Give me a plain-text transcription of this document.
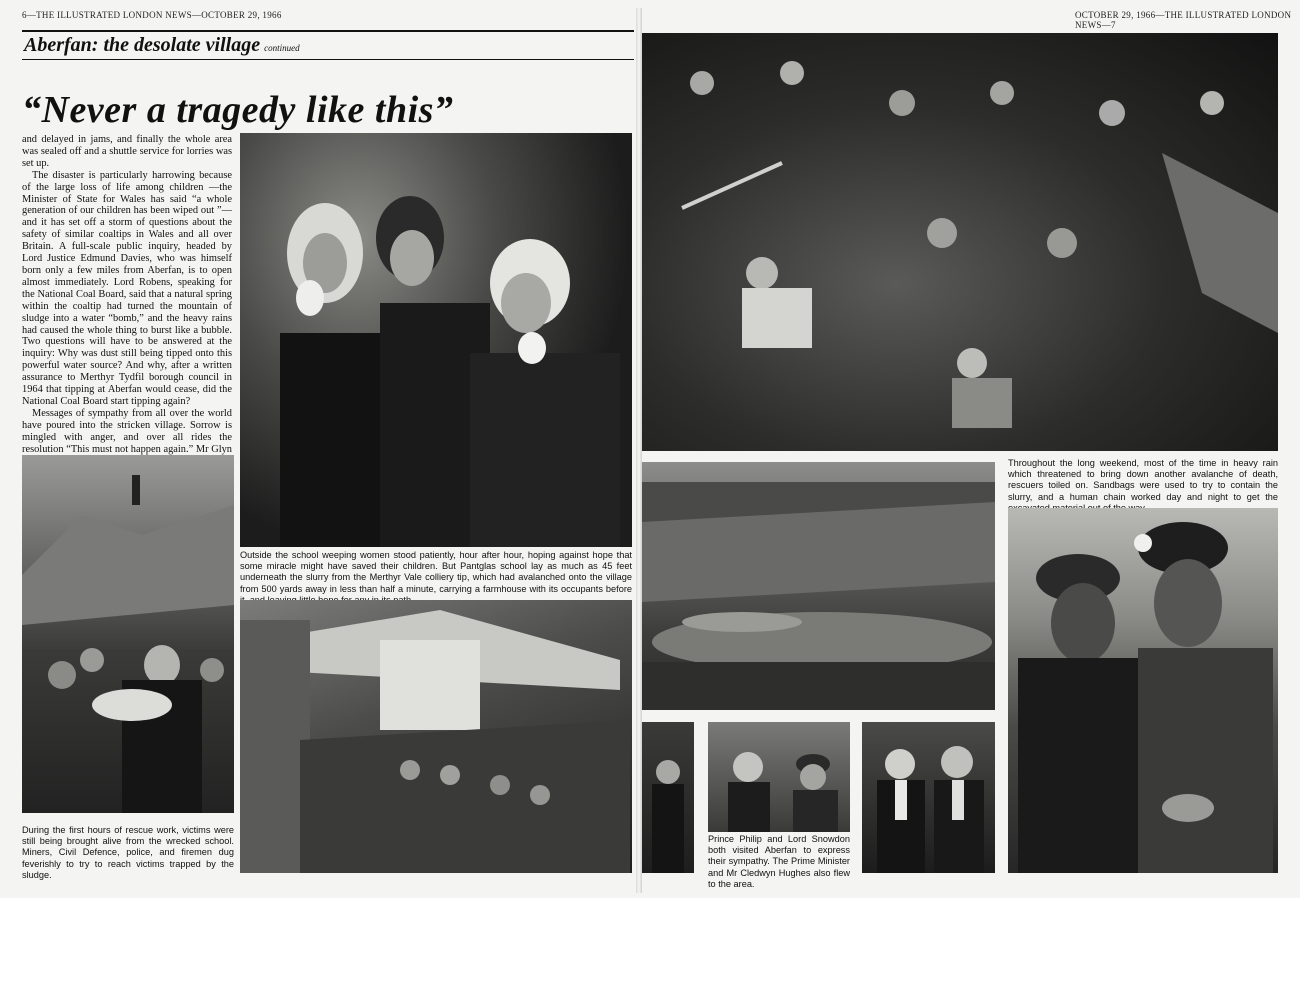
6—THE ILLUSTRATED LONDON NEWS—OCTOBER 29, 1966	OCTOBER 29, 1966—THE ILLUSTRATED LONDON NEWS—7
Aberfan: the desolate village continued
“Never a tragedy like this”

and delayed in jams, and finally the whole area was sealed off and a shuttle service for lorries was set up.

The disaster is particularly harrowing because of the large loss of life among children —the Minister of State for Wales has said “a whole generation of our children has been wiped out ”—and it has set off a storm of questions about the safety of similar coaltips in Wales and all over Britain. A full-scale public inquiry, headed by Lord Justice Edmund Davies, who was himself born only a few miles from Aberfan, is to open almost immediately. Lord Robens, speaking for the National Coal Board, said that a natural spring within the coaltip had turned the mountain of sludge into a water “bomb,” and the heavy rains had caused the whole thing to burst like a bubble. Two questions will have to be answered at the inquiry: Why was dust still being tipped onto this powerful water source? And why, after a written assurance to Merthyr Tydfil borough council in 1964 that tipping at Aberfan would cease, did the National Coal Board start tipping again?

Messages of sympathy from all over the world have poured into the stricken village. Sorrow is mingled with anger, and over all rides the resolution “This must not happen again.” Mr Glyn

Outside the school weeping women stood patiently, hour after hour, hoping against hope that some miracle might have saved their children. But Pantglas school lay as much as 45 feet underneath the slurry from the Merthyr Vale colliery tip, which had avalanched onto the village from 500 yards away in less than half a minute, carrying a farmhouse with its occupants before
During the first hours of rescue work, victims were still being brought alive from the wrecked school. Miners, Civil Defence, police, and firemen dug feverishly to try to reach victims trapped by the sludge.
Throughout the long weekend, most of the time in heavy rain which threatened to bring down another avalanche of death, rescuers toiled on. Sandbags were used to try to contain the slurry, and a human chain worked day and night to get the
Prince Philip and Lord Snowdon both visited Aberfan to express their sympathy. The Prime Minister and Mr Cledwyn Hughes also flew to the area.
